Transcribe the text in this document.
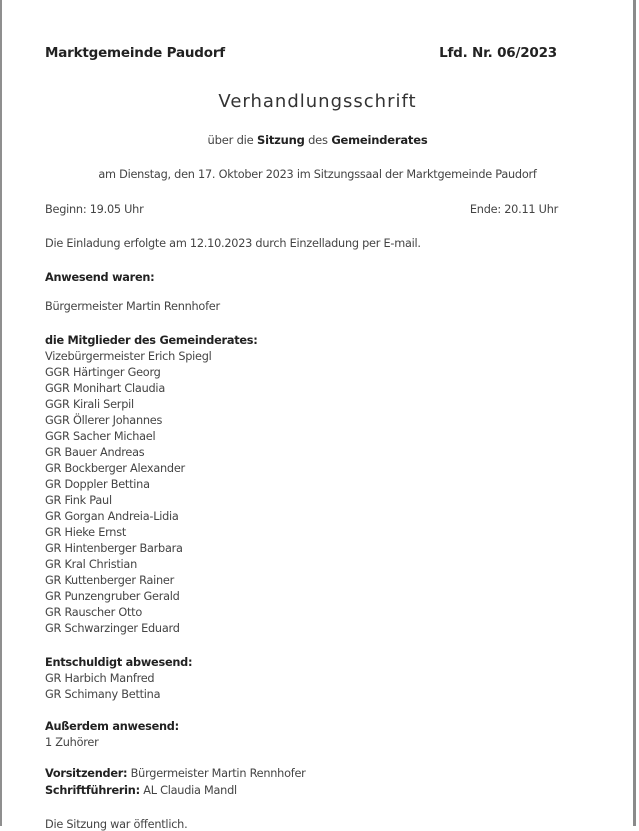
Marktgemeinde Paudorf	Lfd. Nr. 06/2023
Verhandlungsschrift
über die Sitzung des Gemeinderates
am Dienstag, den 17. Oktober 2023 im Sitzungssaal der Marktgemeinde Paudorf
Beginn: 19.05 Uhr	Ende: 20.11 Uhr
Die Einladung erfolgte am 12.10.2023 durch Einzelladung per E-mail.
Anwesend waren:
Bürgermeister Martin Rennhofer
die Mitglieder des Gemeinderates:
Vizebürgermeister Erich Spiegl
GGR Härtinger Georg
GGR Monihart Claudia
GGR Kirali Serpil
GGR Öllerer Johannes
GGR Sacher Michael
GR Bauer Andreas
GR Bockberger Alexander
GR Doppler Bettina
GR Fink Paul
GR Gorgan Andreia-Lidia
GR Hieke Ernst
GR Hintenberger Barbara
GR Kral Christian
GR Kuttenberger Rainer
GR Punzengruber Gerald
GR Rauscher Otto
GR Schwarzinger Eduard
Entschuldigt abwesend:
GR Harbich Manfred
GR Schimany Bettina
Außerdem anwesend:
1 Zuhörer
Vorsitzender: Bürgermeister Martin Rennhofer
Schriftführerin: AL Claudia Mandl
Die Sitzung war öffentlich.
